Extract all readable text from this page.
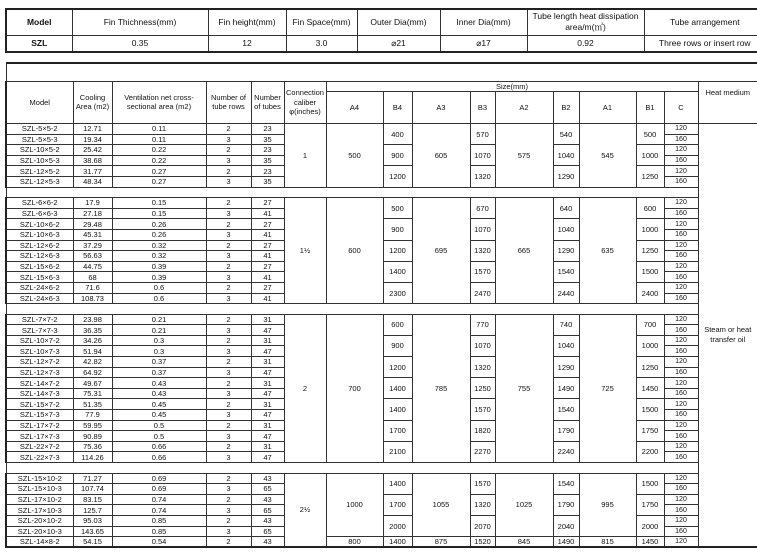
Model	Fin Thichness(mm)	Fin height(mm)	Fin Space(mm)	Outer Dia(mm)	Inner Dia(mm)	Tube length heat dissipation area/m(㎡)	Tube arrangement
SZL	0.35	12	3.0	⌀21	⌀17	0.92	Three rows or insert row

Model	Cooling Area (m2)	Ventilation net cross-sectional area (m2)	Number of tube rows	Number of tubes	Connection caliber φ(inches)	Size(mm)									Heat medium
						A4	B4	A3	B3	A2	B2	A1	B1	C	
SZL-5×5-2	12.71	0.11	2	23	1	500	400	605	570	575	540	545	500	120	Steam or heat transfer oil
SZL-5×5-3	19.34	0.11	3	35										160	
SZL-10×5-2	25.42	0.22	2	23			900		1070		1040		1000	120	
SZL-10×5-3	38.68	0.22	3	35										160	
SZL-12×5-2	31.77	0.27	2	23			1200		1320		1290		1250	120	
SZL-12×5-3	48.34	0.27	3	35										160	

SZL-6×6-2	17.9	0.15	2	27	1½	600	500	695	670	665	640	635	600	120	
SZL-6×6-3	27.18	0.15	3	41										160	
SZL-10×6-2	29.48	0.26	2	27			900		1070		1040		1000	120	
SZL-10×6-3	45.31	0.26	3	41										160	
SZL-12×6-2	37.29	0.32	2	27			1200		1320		1290		1250	120	
SZL-12×6-3	56.63	0.32	3	41										160	
SZL-15×6-2	44.75	0.39	2	27			1400		1570		1540		1500	120	
SZL-15×6-3	68	0.39	3	41										160	
SZL-24×6-2	71.6	0.6	2	27			2300		2470		2440		2400	120	
SZL-24×6-3	108.73	0.6	3	41										160	

SZL-7×7-2	23.98	0.21	2	31	2	700	600	785	770	755	740	725	700	120	
SZL-7×7-3	36.35	0.21	3	47										160	
SZL-10×7-2	34.26	0.3	2	31			900		1070		1040		1000	120	
SZL-10×7-3	51.94	0.3	3	47										160	
SZL-12×7-2	42.82	0.37	2	31			1200		1320		1290		1250	120	
SZL-12×7-3	64.92	0.37	3	47										160	
SZL-14×7-2	49.67	0.43	2	31			1400		1250		1490		1450	120	
SZL-14×7-3	75.31	0.43	3	47										160	
SZL-15×7-2	51.35	0.45	2	31			1400		1570		1540		1500	120	
SZL-15×7-3	77.9	0.45	3	47										160	
SZL-17×7-2	59.95	0.5	2	31			1700		1820		1790		1750	120	
SZL-17×7-3	90.89	0.5	3	47										160	
SZL-22×7-2	75.36	0.66	2	31			2100		2270		2240		2200	120	
SZL-22×7-3	114.26	0.66	3	47										160	

SZL-15×10-2	71.27	0.69	2	43	2½	1000	1400	1055	1570	1025	1540	995	1500	120	
SZL-15×10-3	107.74	0.69	3	65										160	
SZL-17×10-2	83.15	0.74	2	43			1700		1320		1790		1750	120	
SZL-17×10-3	125.7	0.74	3	65										160	
SZL-20×10-2	95.03	0.85	2	43			2000		2070		2040		2000	120	
SZL-20×10-3	143.65	0.85	3	65										160	
SZL-14×8-2	54.15	0.54	2	43		800	1400	875	1520	845	1490	815	1450	120	
